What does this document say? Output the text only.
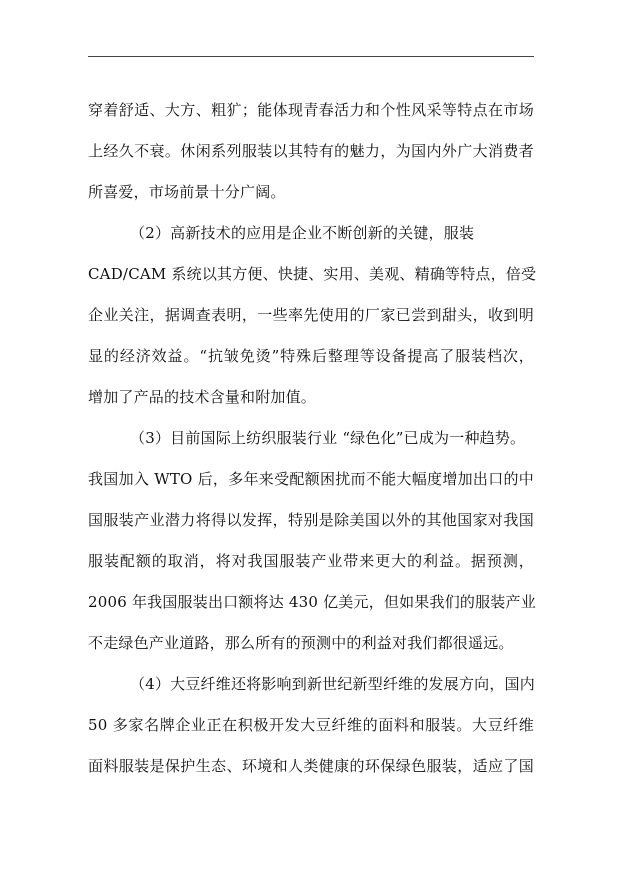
穿着舒适、大方、粗犷；能体现青春活力和个性风采等特点在市场
上经久不衰。休闲系列服装以其特有的魅力，为国内外广大消费者
所喜爱，市场前景十分广阔。
（2）高新技术的应用是企业不断创新的关键，服装
CAD/CAM 系统以其方便、快捷、实用、美观、精确等特点，倍受
企业关注，据调查表明，一些率先使用的厂家已尝到甜头，收到明
显的经济效益。“抗皱免烫”特殊后整理等设备提高了服装档次，
增加了产品的技术含量和附加值。
（3）目前国际上纺织服装行业 “绿色化”已成为一种趋势。
我国加入 WTO 后，多年来受配额困扰而不能大幅度增加出口的中
国服装产业潜力将得以发挥，特别是除美国以外的其他国家对我国
服装配额的取消，将对我国服装产业带来更大的利益。据预测，
2006 年我国服装出口额将达 430 亿美元，但如果我们的服装产业
不走绿色产业道路，那么所有的预测中的利益对我们都很遥远。
（4）大豆纤维还将影响到新世纪新型纤维的发展方向，国内
50 多家名牌企业正在积极开发大豆纤维的面料和服装。大豆纤维
面料服装是保护生态、环境和人类健康的环保绿色服装，适应了国
